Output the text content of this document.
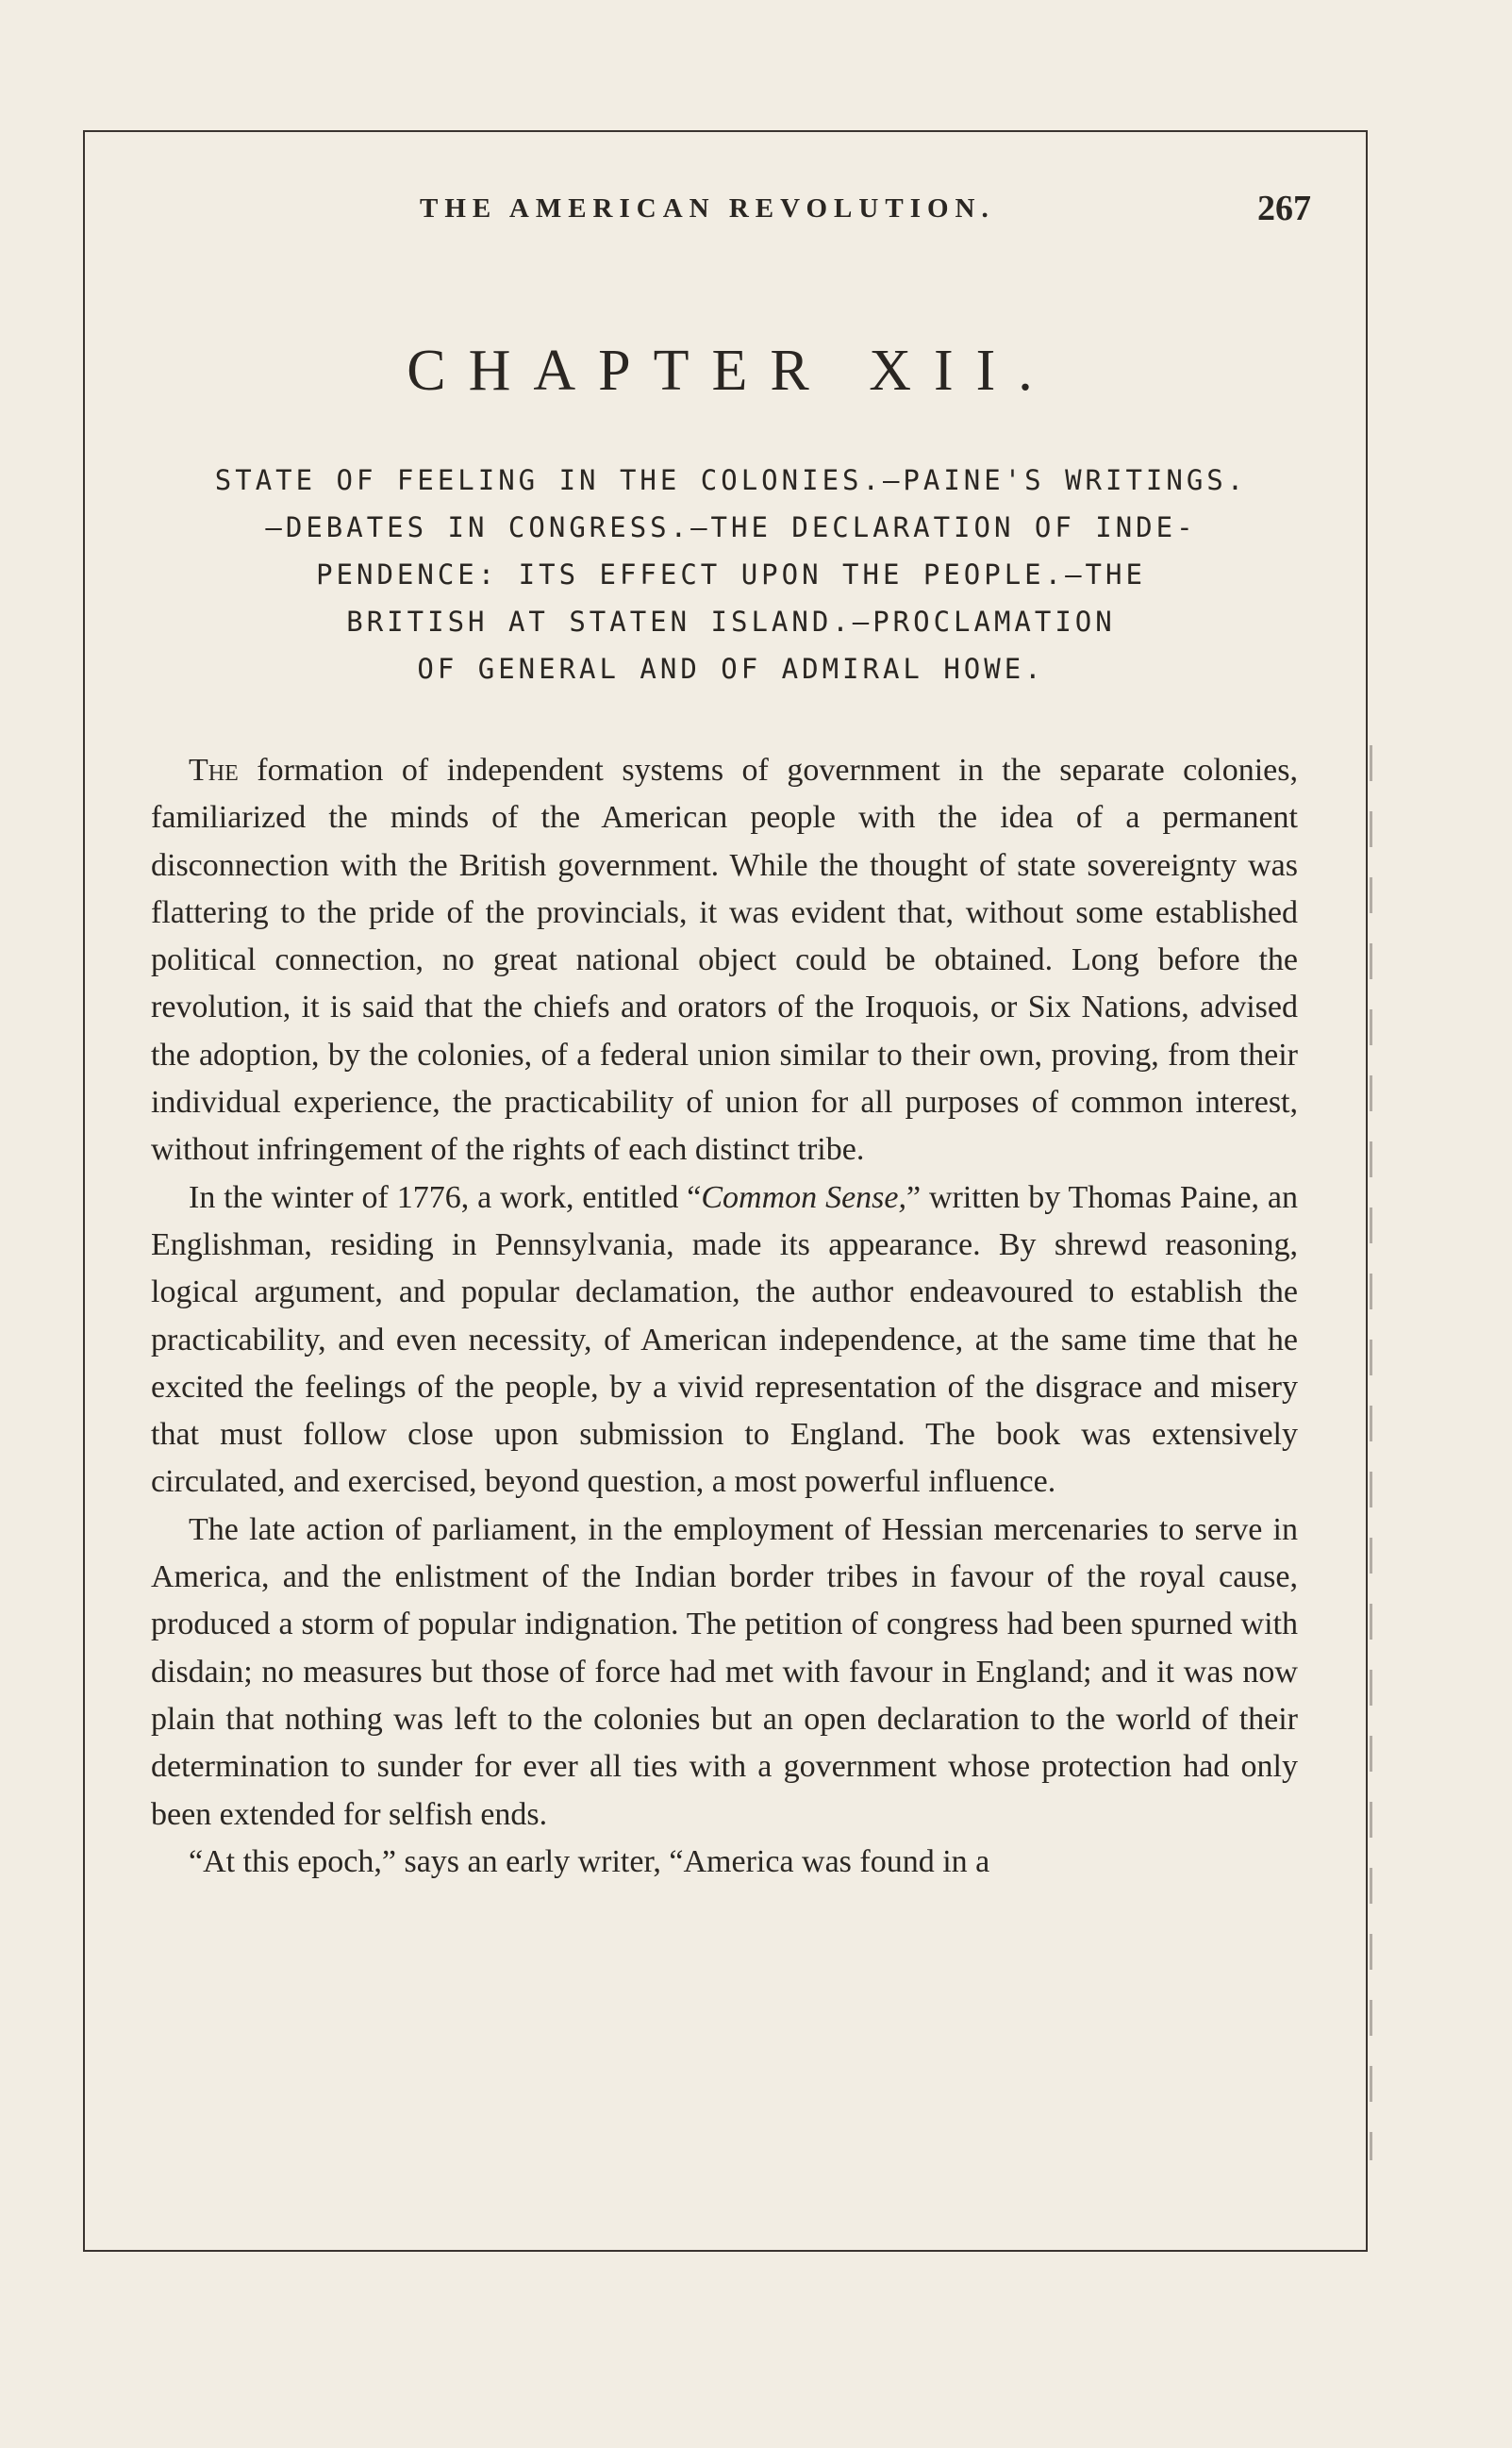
THE AMERICAN REVOLUTION.	267
CHAPTER XII.
STATE OF FEELING IN THE COLONIES.—PAINE'S WRITINGS.
—DEBATES IN CONGRESS.—THE DECLARATION OF INDE-
PENDENCE: ITS EFFECT UPON THE PEOPLE.—THE
BRITISH AT STATEN ISLAND.—PROCLAMATION
OF GENERAL AND OF ADMIRAL HOWE.

The formation of independent systems of government in the separate colonies, familiarized the minds of the American people with the idea of a permanent disconnection with the British government. While the thought of state sovereignty was flattering to the pride of the provincials, it was evident that, without some established political connection, no great national object could be obtained. Long before the revolution, it is said that the chiefs and orators of the Iroquois, or Six Nations, advised the adoption, by the colonies, of a federal union similar to their own, proving, from their individual experience, the practicability of union for all purposes of common interest, without infringement of the rights of each distinct tribe.

In the winter of 1776, a work, entitled “Common Sense,” written by Thomas Paine, an Englishman, residing in Pennsylvania, made its appearance. By shrewd reasoning, logical argument, and popular declamation, the author endeavoured to establish the practicability, and even necessity, of American independence, at the same time that he excited the feelings of the people, by a vivid representation of the disgrace and misery that must follow close upon submission to England. The book was extensively circulated, and exercised, beyond question, a most powerful influence.

The late action of parliament, in the employment of Hessian mercenaries to serve in America, and the enlistment of the Indian border tribes in favour of the royal cause, produced a storm of popular indignation. The petition of congress had been spurned with disdain; no measures but those of force had met with favour in England; and it was now plain that nothing was left to the colonies but an open declaration to the world of their determination to sunder for ever all ties with a government whose protection had only been extended for selfish ends.

“At this epoch,” says an early writer, “America was found in a
